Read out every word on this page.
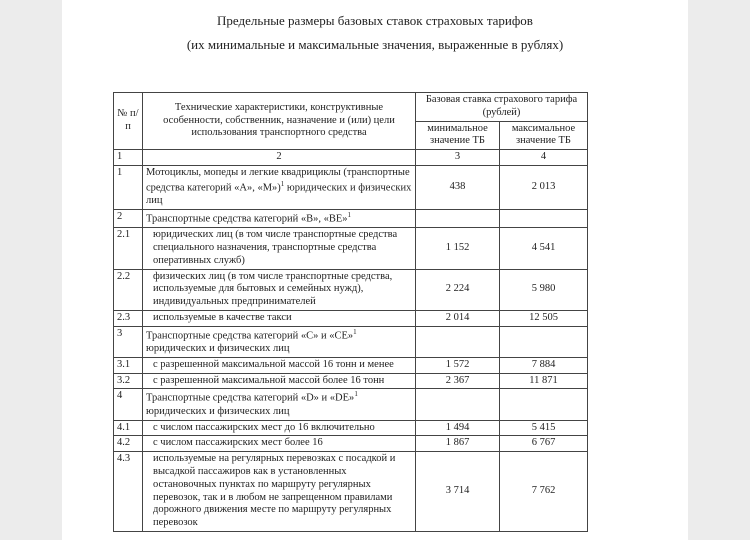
Предельные размеры базовых ставок страховых тарифов
(их минимальные и максимальные значения, выраженные в рублях)
№ п/п	Технические характеристики, конструктивные особенности, собственник, назначение и (или) цели использования транспортного средства	Базовая ставка страхового тарифа (рублей)	
		минимальное значение ТБ	максимальное значение ТБ
1	2	3	4
1	Мотоциклы, мопеды и легкие квадрициклы (транспортные средства категорий «A», «M»)$^1$ юридических и физических лиц	438	2 013
2	Транспортные средства категорий «B», «BE»$^1$		
2.1	юридических лиц (в том числе транспортные средства специального назначения, транспортные средства оперативных служб)	1 152	4 541
2.2	физических лиц (в том числе транспортные средства, используемые для бытовых и семейных нужд), индивидуальных предпринимателей	2 224	5 980
2.3	используемые в качестве такси	2 014	12 505
3	Транспортные средства категорий «C» и «CE»$^1$ юридических и физических лиц		
3.1	с разрешенной максимальной массой 16 тонн и менее	1 572	7 884
3.2	с разрешенной максимальной массой более 16 тонн	2 367	11 871
4	Транспортные средства категорий «D» и «DE»$^1$ юридических и физических лиц		
4.1	с числом пассажирских мест до 16 включительно	1 494	5 415
4.2	с числом пассажирских мест более 16	1 867	6 767
4.3	используемые на регулярных перевозках с посадкой и высадкой пассажиров как в установленных остановочных пунктах по маршруту регулярных перевозок, так и в любом не запрещенном правилами дорожного движения месте по маршруту регулярных перевозок	3 714	7 762
